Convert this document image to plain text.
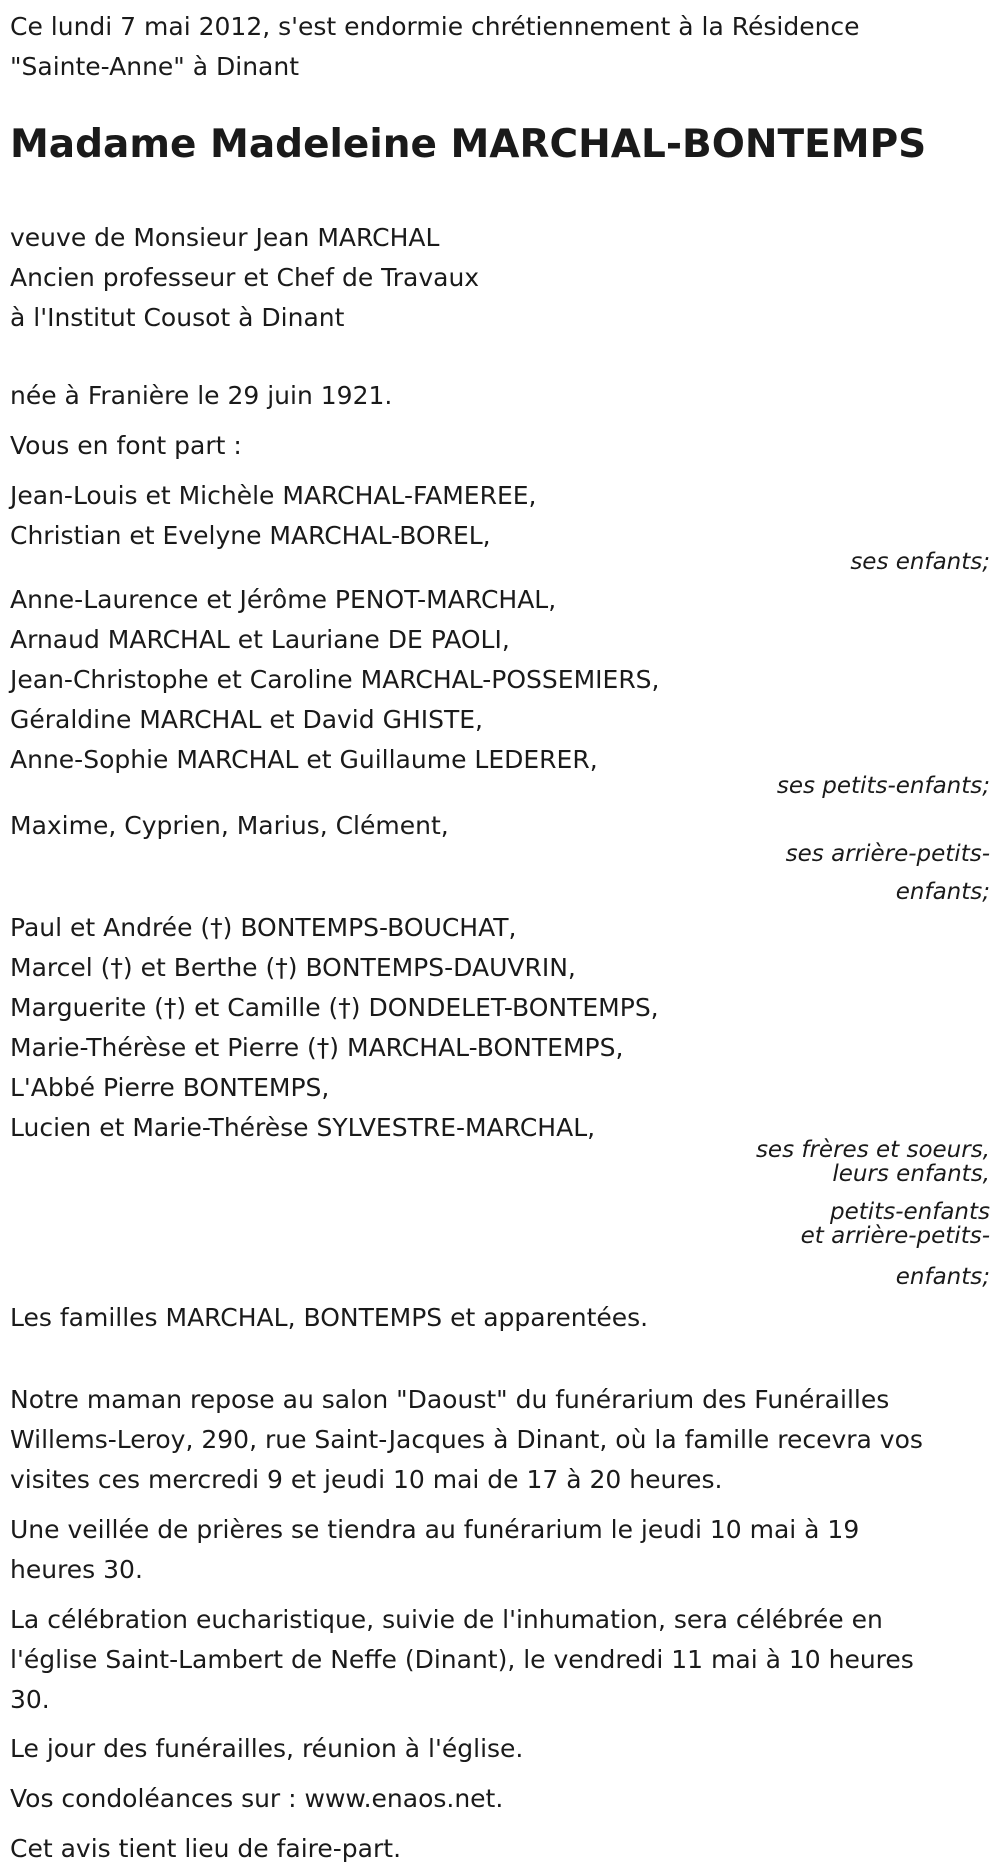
Ce lundi 7 mai 2012, s'est endormie chrétiennement à la Résidence
"Sainte-Anne" à Dinant
Madame Madeleine MARCHAL-BONTEMPS
veuve de Monsieur Jean MARCHAL
Ancien professeur et Chef de Travaux
à l'Institut Cousot à Dinant
née à Franière le 29 juin 1921.
Vous en font part :
Jean-Louis et Michèle MARCHAL-FAMEREE,
Christian et Evelyne MARCHAL-BOREL,
ses enfants;
Anne-Laurence et Jérôme PENOT-MARCHAL,
Arnaud MARCHAL et Lauriane DE PAOLI,
Jean-Christophe et Caroline MARCHAL-POSSEMIERS,
Géraldine MARCHAL et David GHISTE,
Anne-Sophie MARCHAL et Guillaume LEDERER,
ses petits-enfants;
Maxime, Cyprien, Marius, Clément,
ses arrière-petits-
enfants;
Paul et Andrée (†) BONTEMPS-BOUCHAT,
Marcel (†) et Berthe (†) BONTEMPS-DAUVRIN,
Marguerite (†) et Camille (†) DONDELET-BONTEMPS,
Marie-Thérèse et Pierre (†) MARCHAL-BONTEMPS,
L'Abbé Pierre BONTEMPS,
Lucien et Marie-Thérèse SYLVESTRE-MARCHAL,
ses frères et soeurs,
leurs enfants,
petits-enfants
et arrière-petits-
enfants;
Les familles MARCHAL, BONTEMPS et apparentées.
Notre maman repose au salon "Daoust" du funérarium des Funérailles
Willems-Leroy, 290, rue Saint-Jacques à Dinant, où la famille recevra vos
visites ces mercredi 9 et jeudi 10 mai de 17 à 20 heures.
Une veillée de prières se tiendra au funérarium le jeudi 10 mai à 19
heures 30.
La célébration eucharistique, suivie de l'inhumation, sera célébrée en
l'église Saint-Lambert de Neffe (Dinant), le vendredi 11 mai à 10 heures
30.
Le jour des funérailles, réunion à l'église.
Vos condoléances sur : www.enaos.net.
Cet avis tient lieu de faire-part.
